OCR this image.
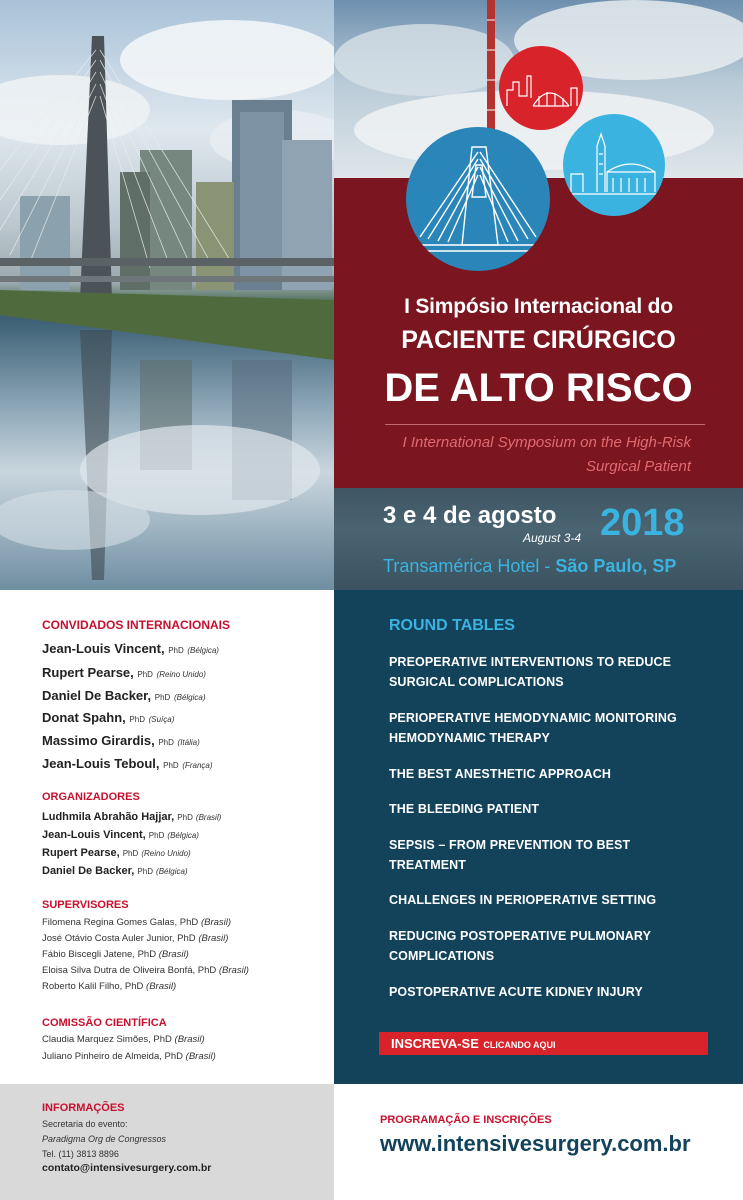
I Simpósio Internacional do
PACIENTE CIRÚRGICO
DE ALTO RISCO
I International Symposium on the High-Risk
Surgical Patient
3 e 4 de agosto
August 3-4 2018
Transamérica Hotel - São Paulo, SP
CONVIDADOS INTERNACIONAIS
Jean-Louis Vincent, PhD (Bélgica)
Rupert Pearse, PhD (Reino Unido)
Daniel De Backer, PhD (Bélgica)
Donat Spahn, PhD (Suíça)
Massimo Girardis, PhD (Itália)
Jean-Louis Teboul, PhD (França)
ORGANIZADORES
Ludhmila Abrahão Hajjar, PhD (Brasil)
Jean-Louis Vincent, PhD (Bélgica)
Rupert Pearse, PhD (Reino Unido)
Daniel De Backer, PhD (Bélgica)
SUPERVISORES
Filomena Regina Gomes Galas, PhD (Brasil)
José Otávio Costa Auler Junior, PhD (Brasil)
Fábio Biscegli Jatene, PhD (Brasil)
Eloisa Silva Dutra de Oliveira Bonfá, PhD (Brasil)
Roberto Kalil Filho, PhD (Brasil)
COMISSÃO CIENTÍFICA
Claudia Marquez Simões, PhD (Brasil)
Juliano Pinheiro de Almeida, PhD (Brasil)
ROUND TABLES
PREOPERATIVE INTERVENTIONS TO REDUCE
SURGICAL COMPLICATIONS
PERIOPERATIVE HEMODYNAMIC MONITORING
HEMODYNAMIC THERAPY
THE BEST ANESTHETIC APPROACH
THE BLEEDING PATIENT
SEPSIS – FROM PREVENTION TO BEST
TREATMENT
CHALLENGES IN PERIOPERATIVE SETTING
REDUCING POSTOPERATIVE PULMONARY
COMPLICATIONS
POSTOPERATIVE ACUTE KIDNEY INJURY
INSCREVA-SE CLICANDO AQUI
INFORMAÇÕES
Secretaria do evento:
Paradigma Org de Congressos
Tel. (11) 3813 8896
contato@intensivesurgery.com.br
PROGRAMAÇÃO E INSCRIÇÕES
www.intensivesurgery.com.br
